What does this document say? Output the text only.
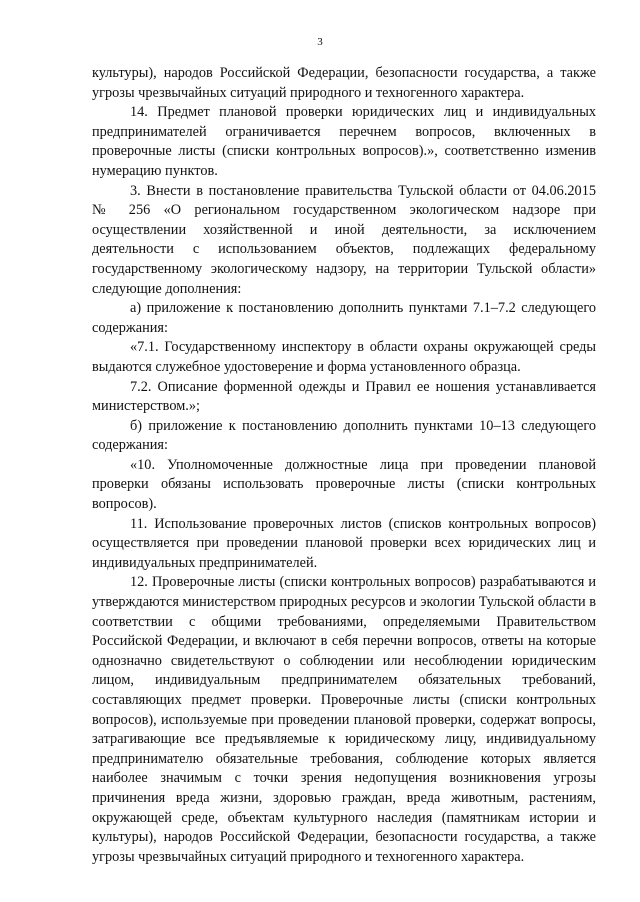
3

культуры), народов Российской Федерации, безопасности государства, а также угрозы чрезвычайных ситуаций природного и техногенного характера.

14. Предмет плановой проверки юридических лиц и индивидуальных предпринимателей ограничивается перечнем вопросов, включенных в проверочные листы (списки контрольных вопросов).», соответственно изменив нумерацию пунктов.

3. Внести в постановление правительства Тульской области от 04.06.2015 № 256 «О региональном государственном экологическом надзоре при осуществлении хозяйственной и иной деятельности, за исключением деятельности с использованием объектов, подлежащих федеральному государственному экологическому надзору, на территории Тульской области» следующие дополнения:

а) приложение к постановлению дополнить пунктами 7.1–7.2 следующего содержания:

«7.1. Государственному инспектору в области охраны окружающей среды выдаются служебное удостоверение и форма установленного образца.

7.2. Описание форменной одежды и Правил ее ношения устанавливается министерством.»;

б) приложение к постановлению дополнить пунктами 10–13 следующего содержания:

«10. Уполномоченные должностные лица при проведении плановой проверки обязаны использовать проверочные листы (списки контрольных вопросов).

11. Использование проверочных листов (списков контрольных вопросов) осуществляется при проведении плановой проверки всех юридических лиц и индивидуальных предпринимателей.

12. Проверочные листы (списки контрольных вопросов) разрабатываются и утверждаются министерством природных ресурсов и экологии Тульской области в соответствии с общими требованиями, определяемыми Правительством Российской Федерации, и включают в себя перечни вопросов, ответы на которые однозначно свидетельствуют о соблюдении или несоблюдении юридическим лицом, индивидуальным предпринимателем обязательных требований, составляющих предмет проверки. Проверочные листы (списки контрольных вопросов), используемые при проведении плановой проверки, содержат вопросы, затрагивающие все предъявляемые к юридическому лицу, индивидуальному предпринимателю обязательные требования, соблюдение которых является наиболее значимым с точки зрения недопущения возникновения угрозы причинения вреда жизни, здоровью граждан, вреда животным, растениям, окружающей среде, объектам культурного наследия (памятникам истории и культуры), народов Российской Федерации, безопасности государства, а также угрозы чрезвычайных ситуаций природного и техногенного характера.
